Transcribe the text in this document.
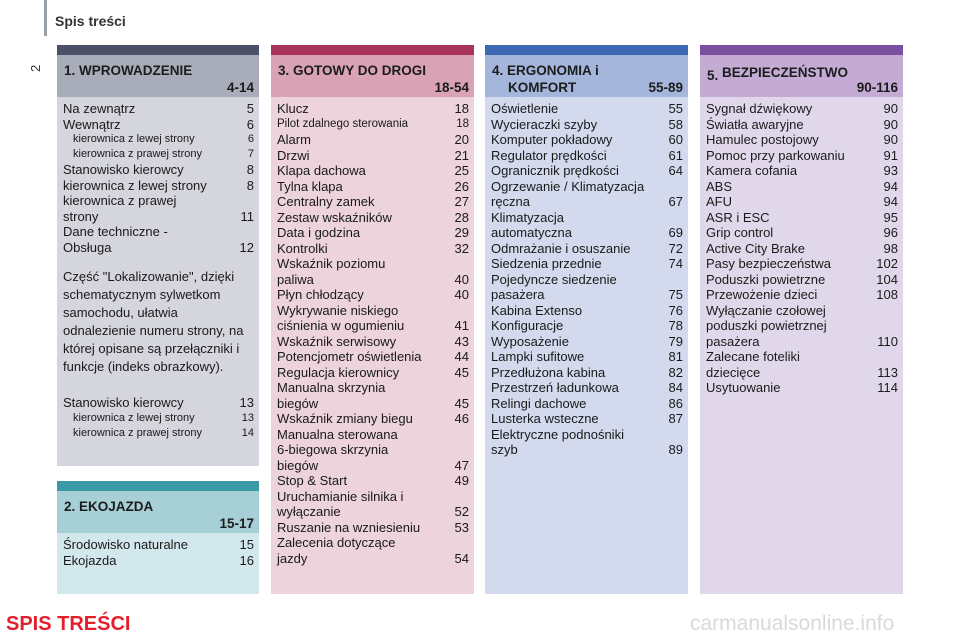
Spis treści
2 1. WPROWADZENIE
4-14
Na zewnątrz	5
Wewnątrz	6
kierownica z lewej strony	6
kierownica z prawej strony	7
Stanowisko kierowcy	8
kierownica z lewej strony	8
kierownica z prawej
strony	11
Dane techniczne -
Obsługa	12
Część "Lokalizowanie", dzięki schematycznym sylwetkom samochodu, ułatwia odnalezienie numeru strony, na której opisane są przełączniki i funkcje (indeks obrazkowy).
Stanowisko kierowcy	13
kierownica z lewej strony	13
kierownica z prawej strony	14
2. EKOJAZDA
15-17
Środowisko naturalne	15
Ekojazda	16
3. GOTOWY DO DROGI
18-54
Klucz	18
Pilot zdalnego sterowania	18
Alarm	20
Drzwi	21
Klapa dachowa	25
Tylna klapa	26
Centralny zamek	27
Zestaw wskaźników	28
Data i godzina	29
Kontrolki	32
Wskaźnik poziomu
paliwa	40
Płyn chłodzący	40
Wykrywanie niskiego
ciśnienia w ogumieniu	41
Wskaźnik serwisowy	43
Potencjometr oświetlenia	44
Regulacja kierownicy	45
Manualna skrzynia
biegów	45
Wskaźnik zmiany biegu	46
Manualna sterowana
6-biegowa skrzynia
biegów	47
Stop & Start	49
Uruchamianie silnika i
wyłączanie	52
Ruszanie na wzniesieniu	53
Zalecenia dotyczące
jazdy	54
4. ERGONOMIA i
KOMFORT	55-89
Oświetlenie	55
Wycieraczki szyby	58
Komputer pokładowy	60
Regulator prędkości	61
Ogranicznik prędkości	64
Ogrzewanie / Klimatyzacja
ręczna	67
Klimatyzacja
automatyczna	69
Odmrażanie i osuszanie	72
Siedzenia przednie	74
Pojedyncze siedzenie
pasażera	75
Kabina Extenso	76
Konfiguracje	78
Wyposażenie	79
Lampki sufitowe	81
Przedłużona kabina	82
Przestrzeń ładunkowa	84
Relingi dachowe	86
Lusterka wsteczne	87
Elektryczne podnośniki
szyb	89
5. BEZPIECZEŃSTWO
90-116
Sygnał dźwiękowy	90
Światła awaryjne	90
Hamulec postojowy	90
Pomoc przy parkowaniu	91
Kamera cofania	93
ABS	94
AFU	94
ASR i ESC	95
Grip control	96
Active City Brake	98
Pasy bezpieczeństwa	102
Poduszki powietrzne	104
Przewożenie dzieci	108
Wyłączanie czołowej
poduszki powietrznej
pasażera	110
Zalecane foteliki
dziecięce	113
Usytuowanie	114
SPIS TREŚCI	carmanualsonline.info
